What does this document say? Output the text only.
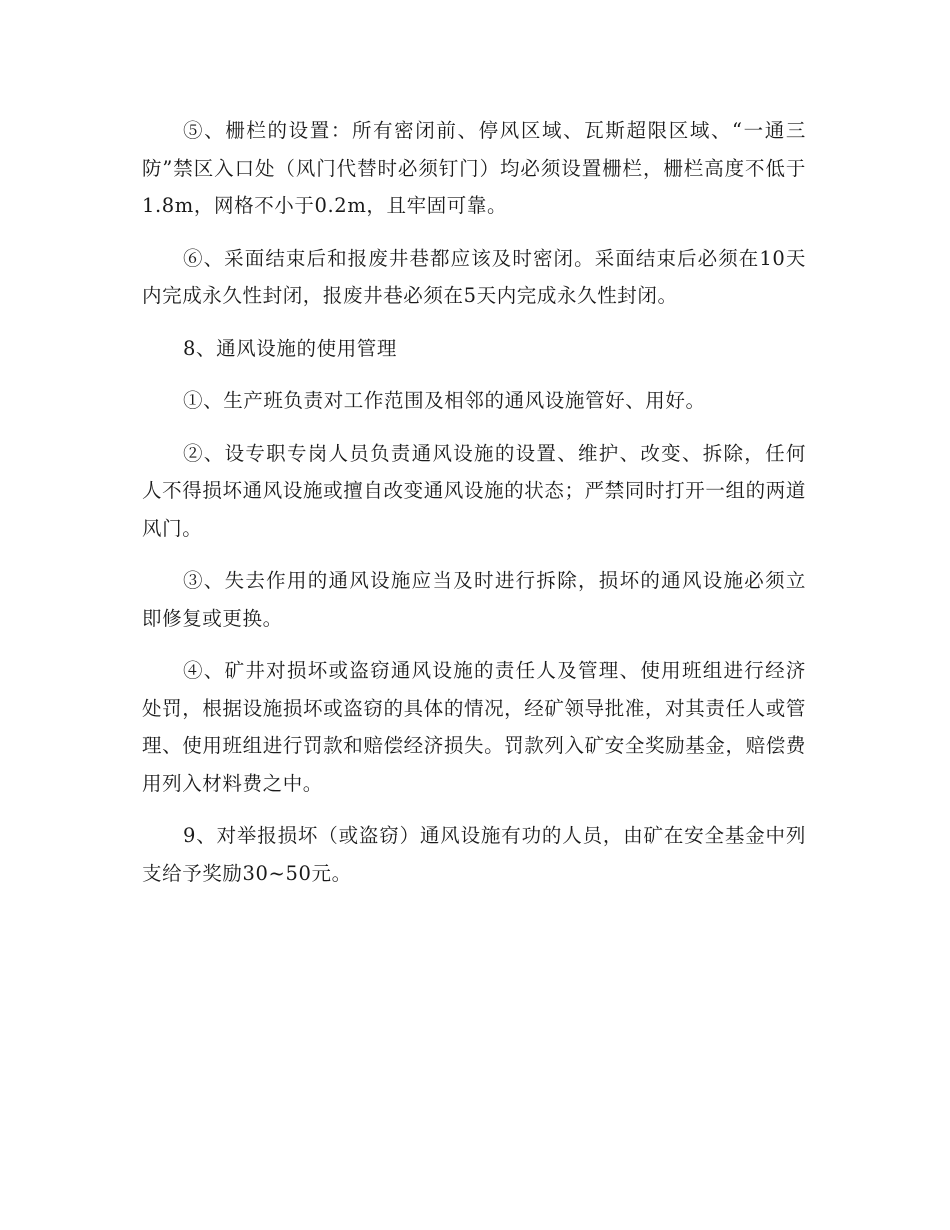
⑤、栅栏的设置：所有密闭前、停风区域、瓦斯超限区域、“一通三防”禁区入口处（风门代替时必须钉门）均必须设置栅栏，栅栏高度不低于1.8m，网格不小于0.2m，且牢固可靠。

⑥、采面结束后和报废井巷都应该及时密闭。采面结束后必须在10天内完成永久性封闭，报废井巷必须在5天内完成永久性封闭。

8、通风设施的使用管理

①、生产班负责对工作范围及相邻的通风设施管好、用好。

②、设专职专岗人员负责通风设施的设置、维护、改变、拆除，任何人不得损坏通风设施或擅自改变通风设施的状态；严禁同时打开一组的两道风门。

③、失去作用的通风设施应当及时进行拆除，损坏的通风设施必须立即修复或更换。

④、矿井对损坏或盗窃通风设施的责任人及管理、使用班组进行经济处罚，根据设施损坏或盗窃的具体的情况，经矿领导批准，对其责任人或管理、使用班组进行罚款和赔偿经济损失。罚款列入矿安全奖励基金，赔偿费用列入材料费之中。

9、对举报损坏（或盗窃）通风设施有功的人员，由矿在安全基金中列支给予奖励30~50元。
